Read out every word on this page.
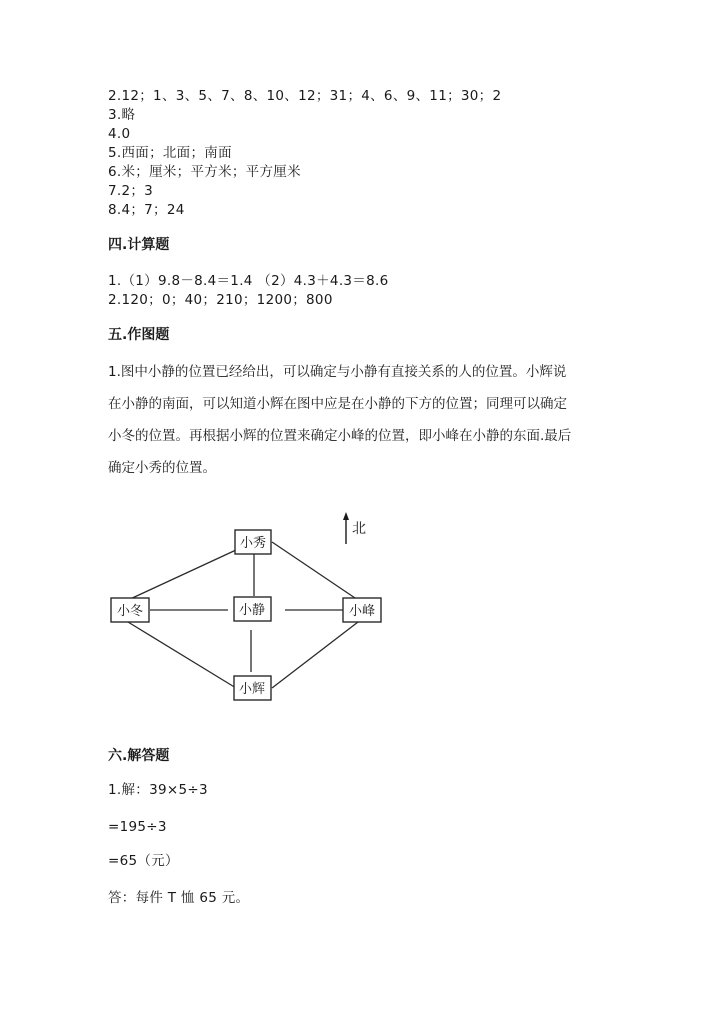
2.12；1、3、5、7、8、10、12；31；4、6、9、11；30；2
3.略
4.0
5.西面；北面；南面
6.米；厘米；平方米；平方厘米
7.2；3
8.4；7；24
四.计算题
1.（1）9.8－8.4＝1.4 （2）4.3＋4.3＝8.6
2.120；0；40；210；1200；800
五.作图题
1.图中小静的位置已经给出，可以确定与小静有直接关系的人的位置。小辉说
在小静的南面，可以知道小辉在图中应是在小静的下方的位置；同理可以确定
小冬的位置。再根据小辉的位置来确定小峰的位置，即小峰在小静的东面.最后
确定小秀的位置。
小秀
小冬	小静	小峰
小辉
北
六.解答题
1.解：39×5÷3
=195÷3
=65（元）
答：每件 T 恤 65 元。
